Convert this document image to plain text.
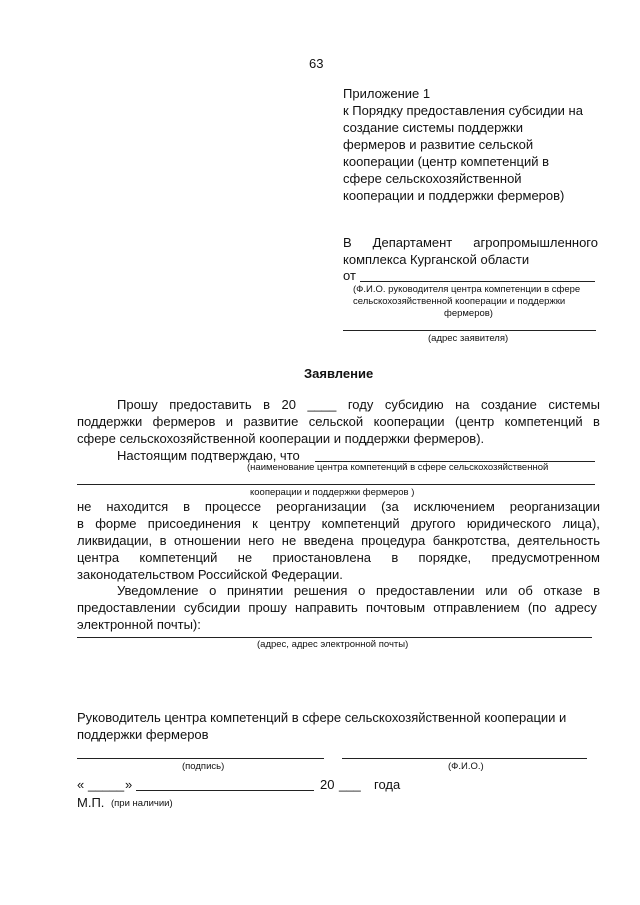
63
Приложение 1
к Порядку предоставления субсидии на
создание системы поддержки
фермеров и развитие сельской
кооперации (центр компетенций в
сфере сельскохозяйственной
кооперации и поддержки фермеров)
В Департамент агропромышленного
комплекса Курганской области
от
(Ф.И.О. руководителя центра компетенции в сфере
сельскохозяйственной кооперации и поддержки
фермеров)
(адрес заявителя)
Заявление
Прошу предоставить в 20 ____ году субсидию на создание системы
поддержки фермеров и развитие сельской кооперации (центр компетенций в
сфере сельскохозяйственной кооперации и поддержки фермеров).
Настоящим подтверждаю, что
(наименование центра компетенций в сфере сельскохозяйственной
кооперации и поддержки фермеров )
не находится в процессе реорганизации (за исключением реорганизации
в форме присоединения к центру компетенций другого юридического лица),
ликвидации, в отношении него не введена процедура банкротства, деятельность
центра компетенций не приостановлена в порядке, предусмотренном
законодательством Российской Федерации.
Уведомление о принятии решения о предоставлении или об отказе в
предоставлении субсидии прошу направить почтовым отправлением (по адресу
электронной почты):
(адрес, адрес электронной почты)
Руководитель центра компетенций в сфере сельскохозяйственной кооперации и
поддержки фермеров
(подпись)	(Ф.И.О.)
« _____ »	20 ___ года
М.П. (при наличии)
